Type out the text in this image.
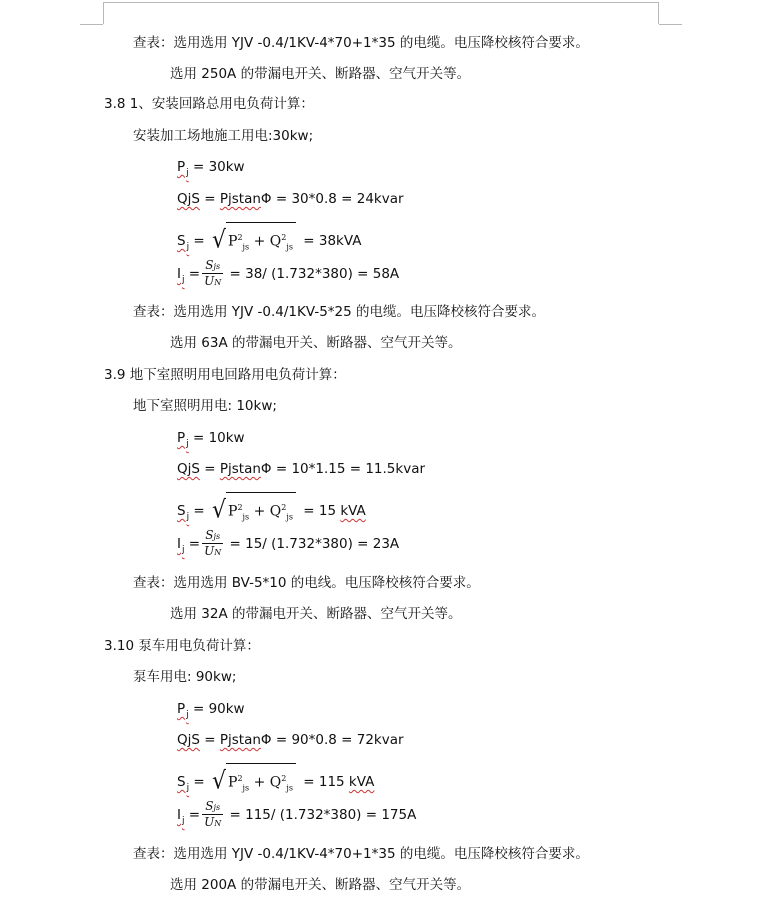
查表：选用选用 YJV -0.4/1KV-4*70+1*35 的电缆。电压降校核符合要求。
选用 250A 的带漏电开关、断路器、空气开关等。
3.8 1、安装回路总用电负荷计算：
安装加工场地施工用电:30kw;
$P_j = 30kw$
QjS = PjstanΦ = 30*0.8 = 24kvar
$S_j$ = √ $P^2_{js} + Q^2_{js} = 38kVA$
$I_j = \frac{\text{Sjs}}{UN} = 38/$ (1.732*380) = 58A
查表：选用选用 YJV -0.4/1KV-5*25 的电缆。电压降校核符合要求。
选用 63A 的带漏电开关、断路器、空气开关等。
3.9 地下室照明用电回路用电负荷计算：
地下室照明用电: 10kw;
$P_j = 10kw$
QjS = PjstanΦ = 10*1.15 = 11.5kvar
$S_j$ = √ $P^2_{js} + Q^2_{js} = 15$ kVA
$I_j = \frac{\text{Sjs}}{UN} = 15/$ (1.732*380) = 23A
查表：选用选用 BV-5*10 的电线。电压降校核符合要求。
选用 32A 的带漏电开关、断路器、空气开关等。
3.10 泵车用电负荷计算：
泵车用电: 90kw;
$P_j = 90kw$
QjS = PjstanΦ = 90*0.8 = 72kvar
$S_j$ = √ $P^2_{js} + Q^2_{js} = 115$ kVA
$I_j = \frac{\text{Sjs}}{UN} = 115/$ (1.732*380) = 175A
查表：选用选用 YJV -0.4/1KV-4*70+1*35 的电缆。电压降校核符合要求。
选用 200A 的带漏电开关、断路器、空气开关等。
